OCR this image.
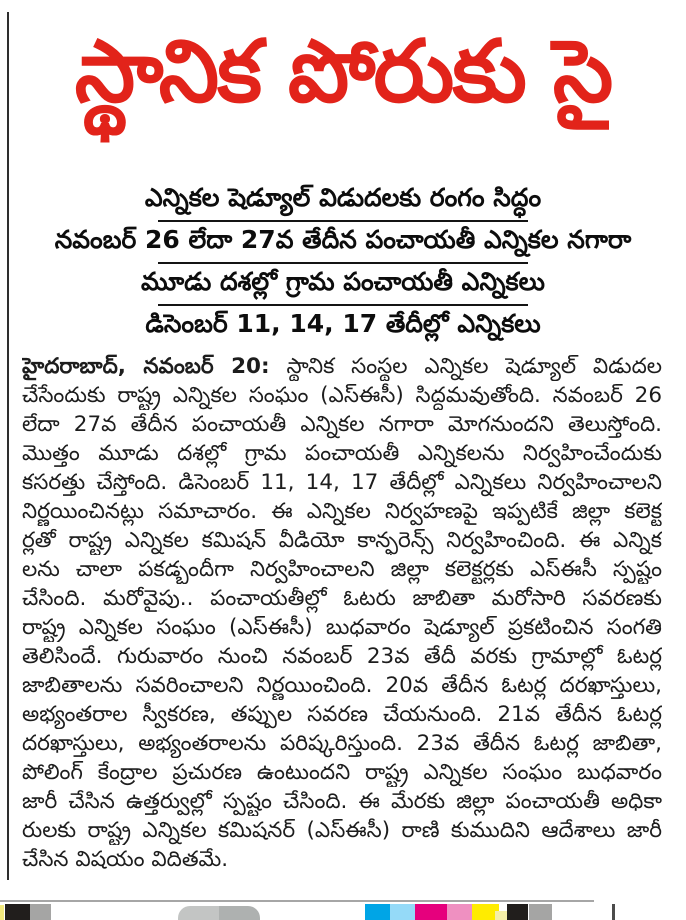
స్థానిక పోరుకు సై
ఎన్నికల షెడ్యూల్ విడుదలకు రంగం సిద్ధం
నవంబర్ 26 లేదా 27వ తేదీన పంచాయతీ ఎన్నికల నగారా
మూడు దశల్లో గ్రామ పంచాయతీ ఎన్నికలు
డిసెంబర్ 11, 14, 17 తేదీల్లో ఎన్నికలు
హైదరాబాద్, నవంబర్ 20: స్థానిక సంస్థల ఎన్నికల షెడ్యూల్ విడుదల
చేసేందుకు రాష్ట్ర ఎన్నికల సంఘం (ఎస్ఈసీ) సిద్ధమవుతోంది. నవంబర్ 26
లేదా 27వ తేదీన పంచాయతీ ఎన్నికల నగారా మోగనుందని తెలుస్తోంది.
మొత్తం మూడు దశల్లో గ్రామ పంచాయతీ ఎన్నికలను నిర్వహించేందుకు
కసరత్తు చేస్తోంది. డిసెంబర్ 11, 14, 17 తేదీల్లో ఎన్నికలు నిర్వహించాలని
నిర్ణయించినట్లు సమాచారం. ఈ ఎన్నికల నిర్వహణపై ఇప్పటికే జిల్లా కలెక్ట
ర్లతో రాష్ట్ర ఎన్నికల కమిషన్ వీడియో కాన్ఫరెన్స్ నిర్వహించింది. ఈ ఎన్నిక
లను చాలా పకడ్బందీగా నిర్వహించాలని జిల్లా కలెక్టర్లకు ఎస్ఈసీ స్పష్టం
చేసింది. మరోవైపు.. పంచాయతీల్లో ఓటరు జాబితా మరోసారి సవరణకు
రాష్ట్ర ఎన్నికల సంఘం (ఎస్ఈసీ) బుధవారం షెడ్యూల్ ప్రకటించిన సంగతి
తెలిసిందే. గురువారం నుంచి నవంబర్ 23వ తేదీ వరకు గ్రామాల్లో ఓటర్ల
జాబితాలను సవరించాలని నిర్ణయించింది. 20వ తేదీన ఓటర్ల దరఖాస్తులు,
అభ్యంతరాల స్వీకరణ, తప్పుల సవరణ చేయనుంది. 21వ తేదీన ఓటర్ల
దరఖాస్తులు, అభ్యంతరాలను పరిష్కరిస్తుంది. 23వ తేదీన ఓటర్ల జాబితా,
పోలింగ్ కేంద్రాల ప్రచురణ ఉంటుందని రాష్ట్ర ఎన్నికల సంఘం బుధవారం
జారీ చేసిన ఉత్తర్వుల్లో స్పష్టం చేసింది. ఈ మేరకు జిల్లా పంచాయతీ అధికా
రులకు రాష్ట్ర ఎన్నికల కమిషనర్ (ఎస్ఈసీ) రాణి కుముదిని ఆదేశాలు జారీ
చేసిన విషయం విదితమే.
